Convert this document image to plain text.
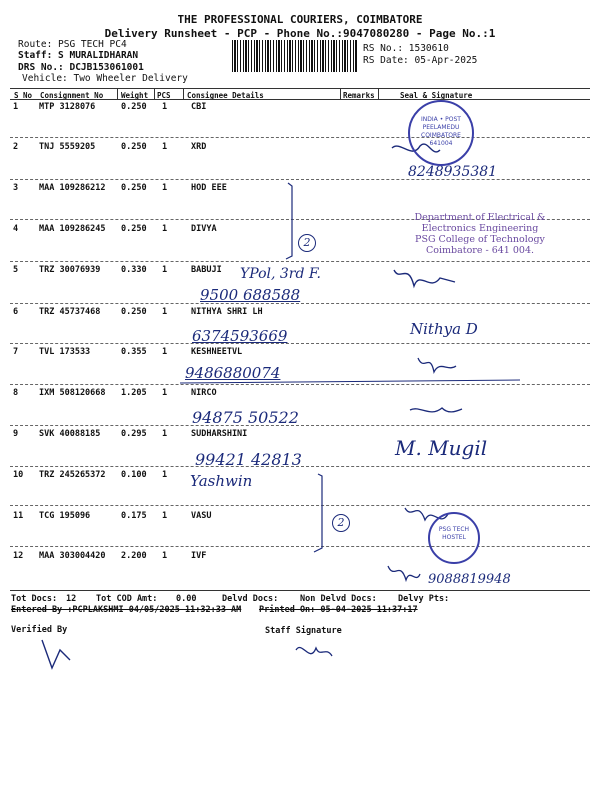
THE PROFESSIONAL COURIERS, COIMBATORE
Delivery Runsheet - PCP - Phone No.:9047080280 - Page No.:1
Route: PSG TECH PC4
Staff: S MURALIDHARAN
DRS No.: DCJB153061001
Vehicle: Two Wheeler Delivery
RS No.: 1530610
RS Date: 05-Apr-2025
S No Consignment No Weight PCS Consignee Details	Remarks	Seal & Signature
1 MTP 3128076	0.250 1	CBI
2 TNJ 5559205	0.250 1	XRD
3 MAA 109286212 0.250 1	HOD EEE
4 MAA 109286245 0.250 1	DIVYA
5 TRZ 30076939 0.330 1	BABUJI
6 TRZ 45737468 0.250 1	NITHYA SHRI LH
7 TVL 173533	0.355 1	KESHNEETVL
8 IXM 508120668 1.205 1	NIRCO
9 SVK 40088185 0.295 1	SUDHARSHINI
10 TRZ 245265372 0.100 1 Yashwin
11 TCG 195096	0.175 1	VASU
12 MAA 303004420 2.200 1	IVF
8248935381
2
YPol, 3rd F.
9500 688588
6374593669	Nithya D
9486880074
94875 50522
99421 42813	M. Mugil
2
9088819948
INDIA • POST PEELAMEDU COIMBATORE 641004
Department of Electrical &
Electronics Engineering
PSG College of Technology
Coimbatore - 641 004.
PSG TECH HOSTEL
Tot Docs: 12 Tot COD Amt: 0.00	Delvd Docs:	Non Delvd Docs: Delvy Pts:
Entered By :PCPLAKSHMI 04/05/2025 11:32:33 AM Printed On: 05-04-2025 11:37:17
Verified By	Staff Signature
